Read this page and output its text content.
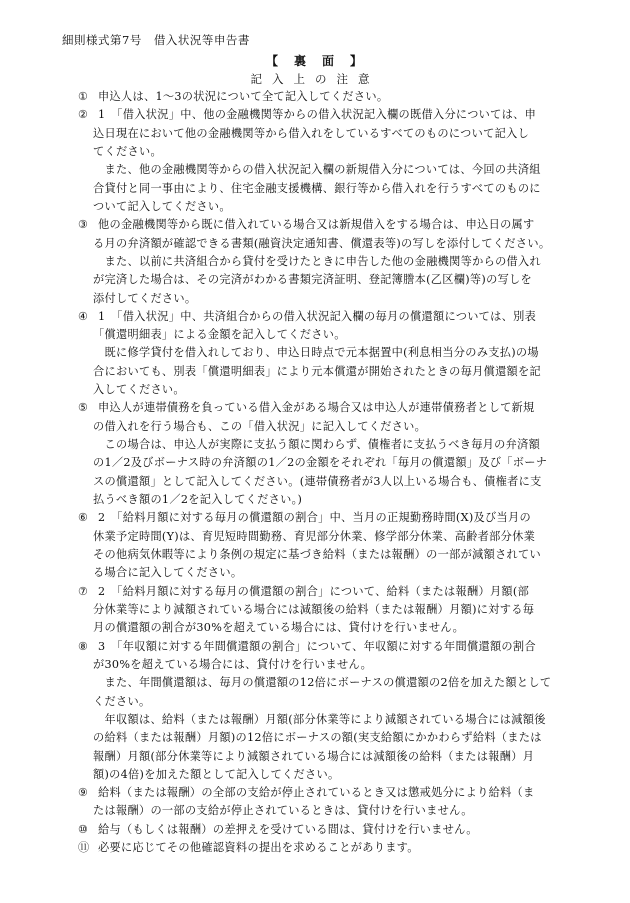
細則様式第7号　借入状況等申告書
【　裏　面　】
記入上の注意
① 申込人は、1～3の状況について全て記入してください。
② 1　「借入状況」中、他の金融機関等からの借入状況記入欄の既借入分については、申
込日現在において他の金融機関等から借入れをしているすべてのものについて記入し
てください。
　また、他の金融機関等からの借入状況記入欄の新規借入分については、今回の共済組
合貸付と同一事由により、住宅金融支援機構、銀行等から借入れを行うすべてのものに
ついて記入してください。
③ 他の金融機関等から既に借入れている場合又は新規借入をする場合は、申込日の属す
る月の弁済額が確認できる書類(融資決定通知書、償還表等)の写しを添付してください。
　また、以前に共済組合から貸付を受けたときに申告した他の金融機関等からの借入れ
が完済した場合は、その完済がわかる書類完済証明、登記簿謄本(乙区欄)等)の写しを
添付してください。
④ 1　「借入状況」中、共済組合からの借入状況記入欄の毎月の償還額については、別表
「償還明細表」による金額を記入してください。
　既に修学貸付を借入れしており、申込日時点で元本据置中(利息相当分のみ支払)の場
合においても、別表「償還明細表」により元本償還が開始されたときの毎月償還額を記
入してください。
⑤ 申込人が連帯債務を負っている借入金がある場合又は申込人が連帯債務者として新規
の借入れを行う場合も、この「借入状況」に記入してください。
　この場合は、申込人が実際に支払う額に関わらず、債権者に支払うべき毎月の弁済額
の1／2及びボーナス時の弁済額の1／2の金額をそれぞれ「毎月の償還額」及び「ボーナ
スの償還額」として記入してください。(連帯債務者が3人以上いる場合も、債権者に支
払うべき額の1／2を記入してください。)
⑥ 2　「給料月額に対する毎月の償還額の割合」中、当月の正規勤務時間(X)及び当月の
休業予定時間(Y)は、育児短時間勤務、育児部分休業、修学部分休業、高齢者部分休業
その他病気休暇等により条例の規定に基づき給料（または報酬）の一部が減額されてい
る場合に記入してください。
⑦ 2　「給料月額に対する毎月の償還額の割合」について、給料（または報酬）月額(部
分休業等により減額されている場合には減額後の給料（または報酬）月額)に対する毎
月の償還額の割合が30%を超えている場合には、貸付けを行いません。
⑧ 3　「年収額に対する年間償還額の割合」について、年収額に対する年間償還額の割合
が30%を超えている場合には、貸付けを行いません。
　また、年間償還額は、毎月の償還額の12倍にボーナスの償還額の2倍を加えた額として
ください。
　年収額は、給料（または報酬）月額(部分休業等により減額されている場合には減額後
の給料（または報酬）月額)の12倍にボーナスの額(実支給額にかかわらず給料（または
報酬）月額(部分休業等により減額されている場合には減額後の給料（または報酬）月
額)の4倍)を加えた額として記入してください。
⑨ 給料（または報酬）の全部の支給が停止されているとき又は懲戒処分により給料（ま
たは報酬）の一部の支給が停止されているときは、貸付けを行いません。
⑩ 給与（もしくは報酬）の差押えを受けている間は、貸付けを行いません。
⑪ 必要に応じてその他確認資料の提出を求めることがあります。
